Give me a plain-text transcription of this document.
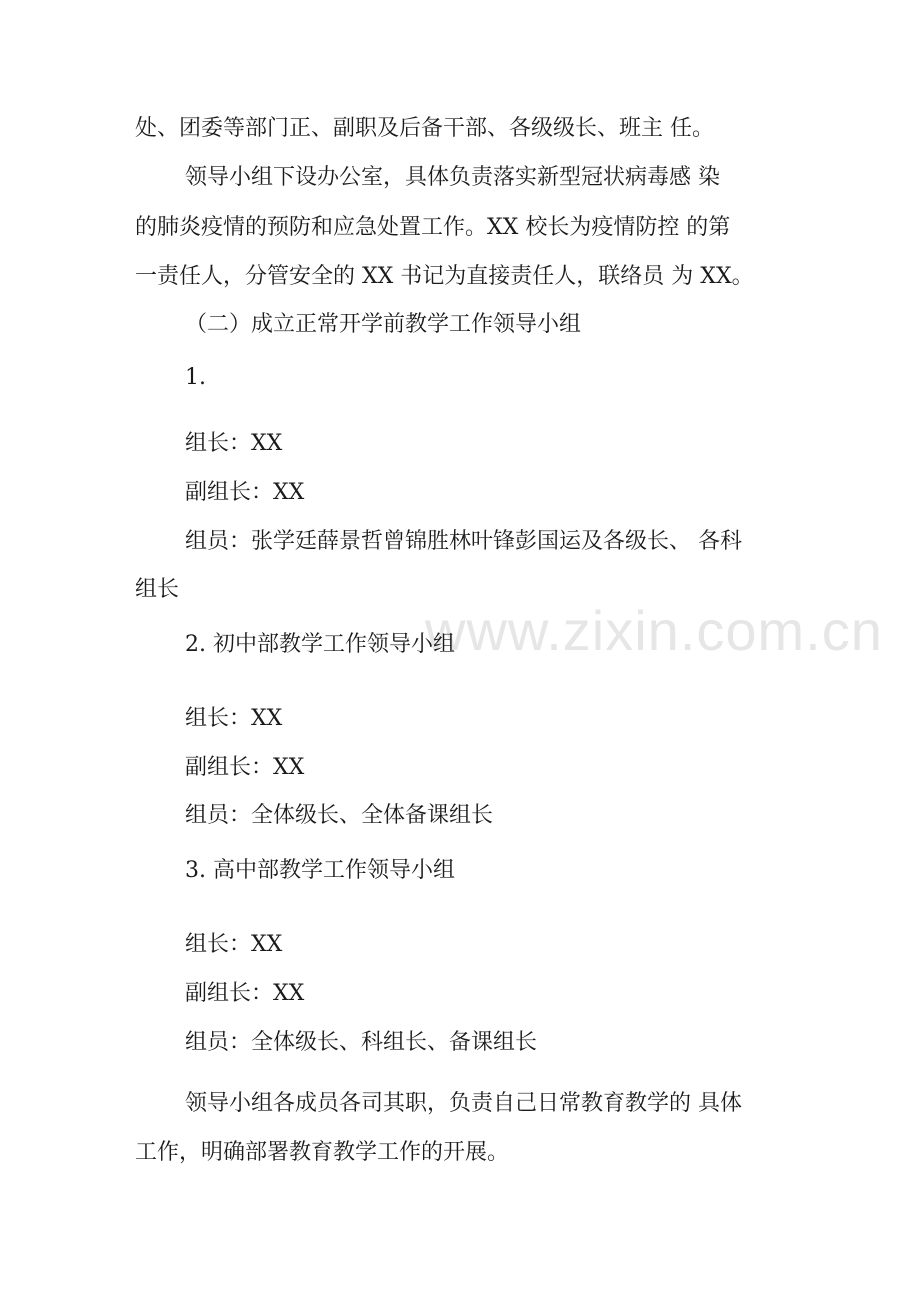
www.zixin.com.cn
处、团委等部门正、副职及后备干部、各级级长、班主 任。
领导小组下设办公室，具体负责落实新型冠状病毒感 染
的肺炎疫情的预防和应急处置工作。XX 校长为疫情防控 的第
一责任人，分管安全的 XX 书记为直接责任人，联络员 为 XX。
（二）成立正常开学前教学工作领导小组
1.
组长：XX
副组长：XX
组员：张学廷薛景哲曾锦胜林叶锋彭国运及各级长、 各科
组长
2. 初中部教学工作领导小组
组长：XX
副组长：XX
组员：全体级长、全体备课组长
3. 高中部教学工作领导小组
组长：XX
副组长：XX
组员：全体级长、科组长、备课组长
领导小组各成员各司其职，负责自己日常教育教学的 具体
工作，明确部署教育教学工作的开展。
